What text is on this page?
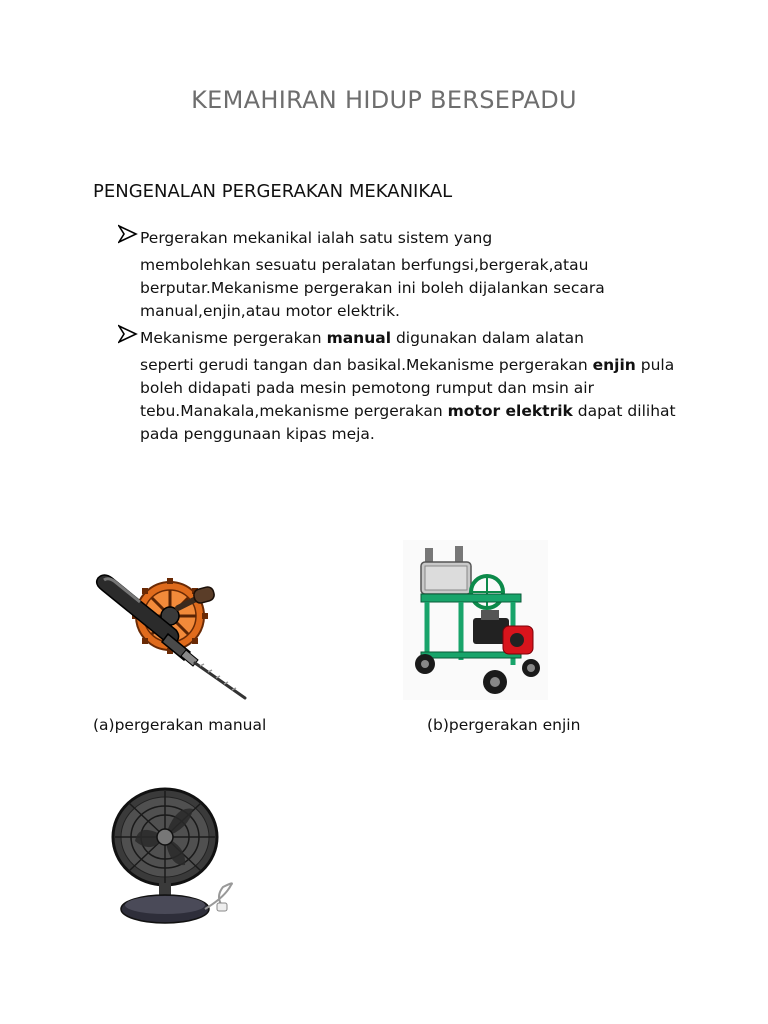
KEMAHIRAN HIDUP BERSEPADU
PENGENALAN PERGERAKAN MEKANIKAL
Pergerakan mekanikal ialah satu sistem yang
membolehkan sesuatu peralatan berfungsi,bergerak,atau berputar.Mekanisme pergerakan ini boleh dijalankan secara manual,enjin,atau motor elektrik.
Mekanisme pergerakan manual digunakan dalam alatan
seperti gerudi tangan dan basikal.Mekanisme pergerakan enjin pula boleh didapati pada mesin pemotong rumput dan msin air tebu.Manakala,mekanisme pergerakan motor elektrik dapat dilihat pada penggunaan kipas meja.
(a)pergerakan manual	(b)pergerakan enjin
